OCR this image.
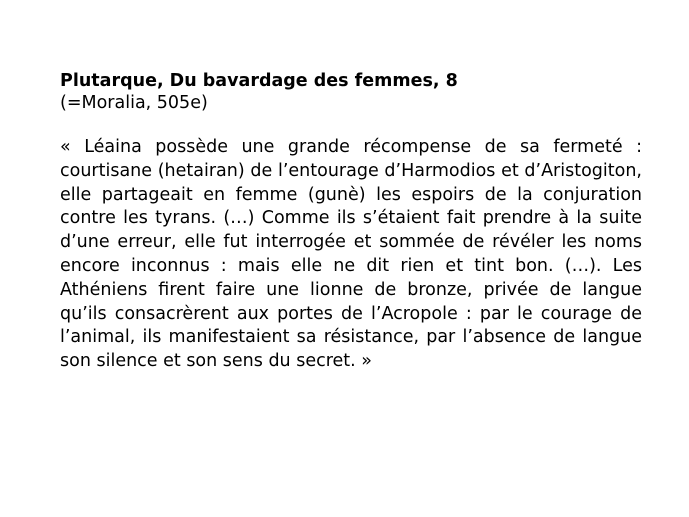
Plutarque, Du bavardage des femmes, 8

(=Moralia, 505e)

« Léaina possède une grande récompense de sa fermeté : courtisane (hetairan) de l’entourage d’Harmodios et d’Aristogiton, elle partageait en femme (gunè) les espoirs de la conjuration contre les tyrans. (…) Comme ils s’étaient fait prendre à la suite d’une erreur, elle fut interrogée et sommée de révéler les noms encore inconnus : mais elle ne dit rien et tint bon. (…). Les Athéniens firent faire une lionne de bronze, privée de langue qu’ils consacrèrent aux portes de l’Acropole : par le courage de l’animal, ils manifestaient sa résistance, par l’absence de langue son silence et son sens du secret. »
